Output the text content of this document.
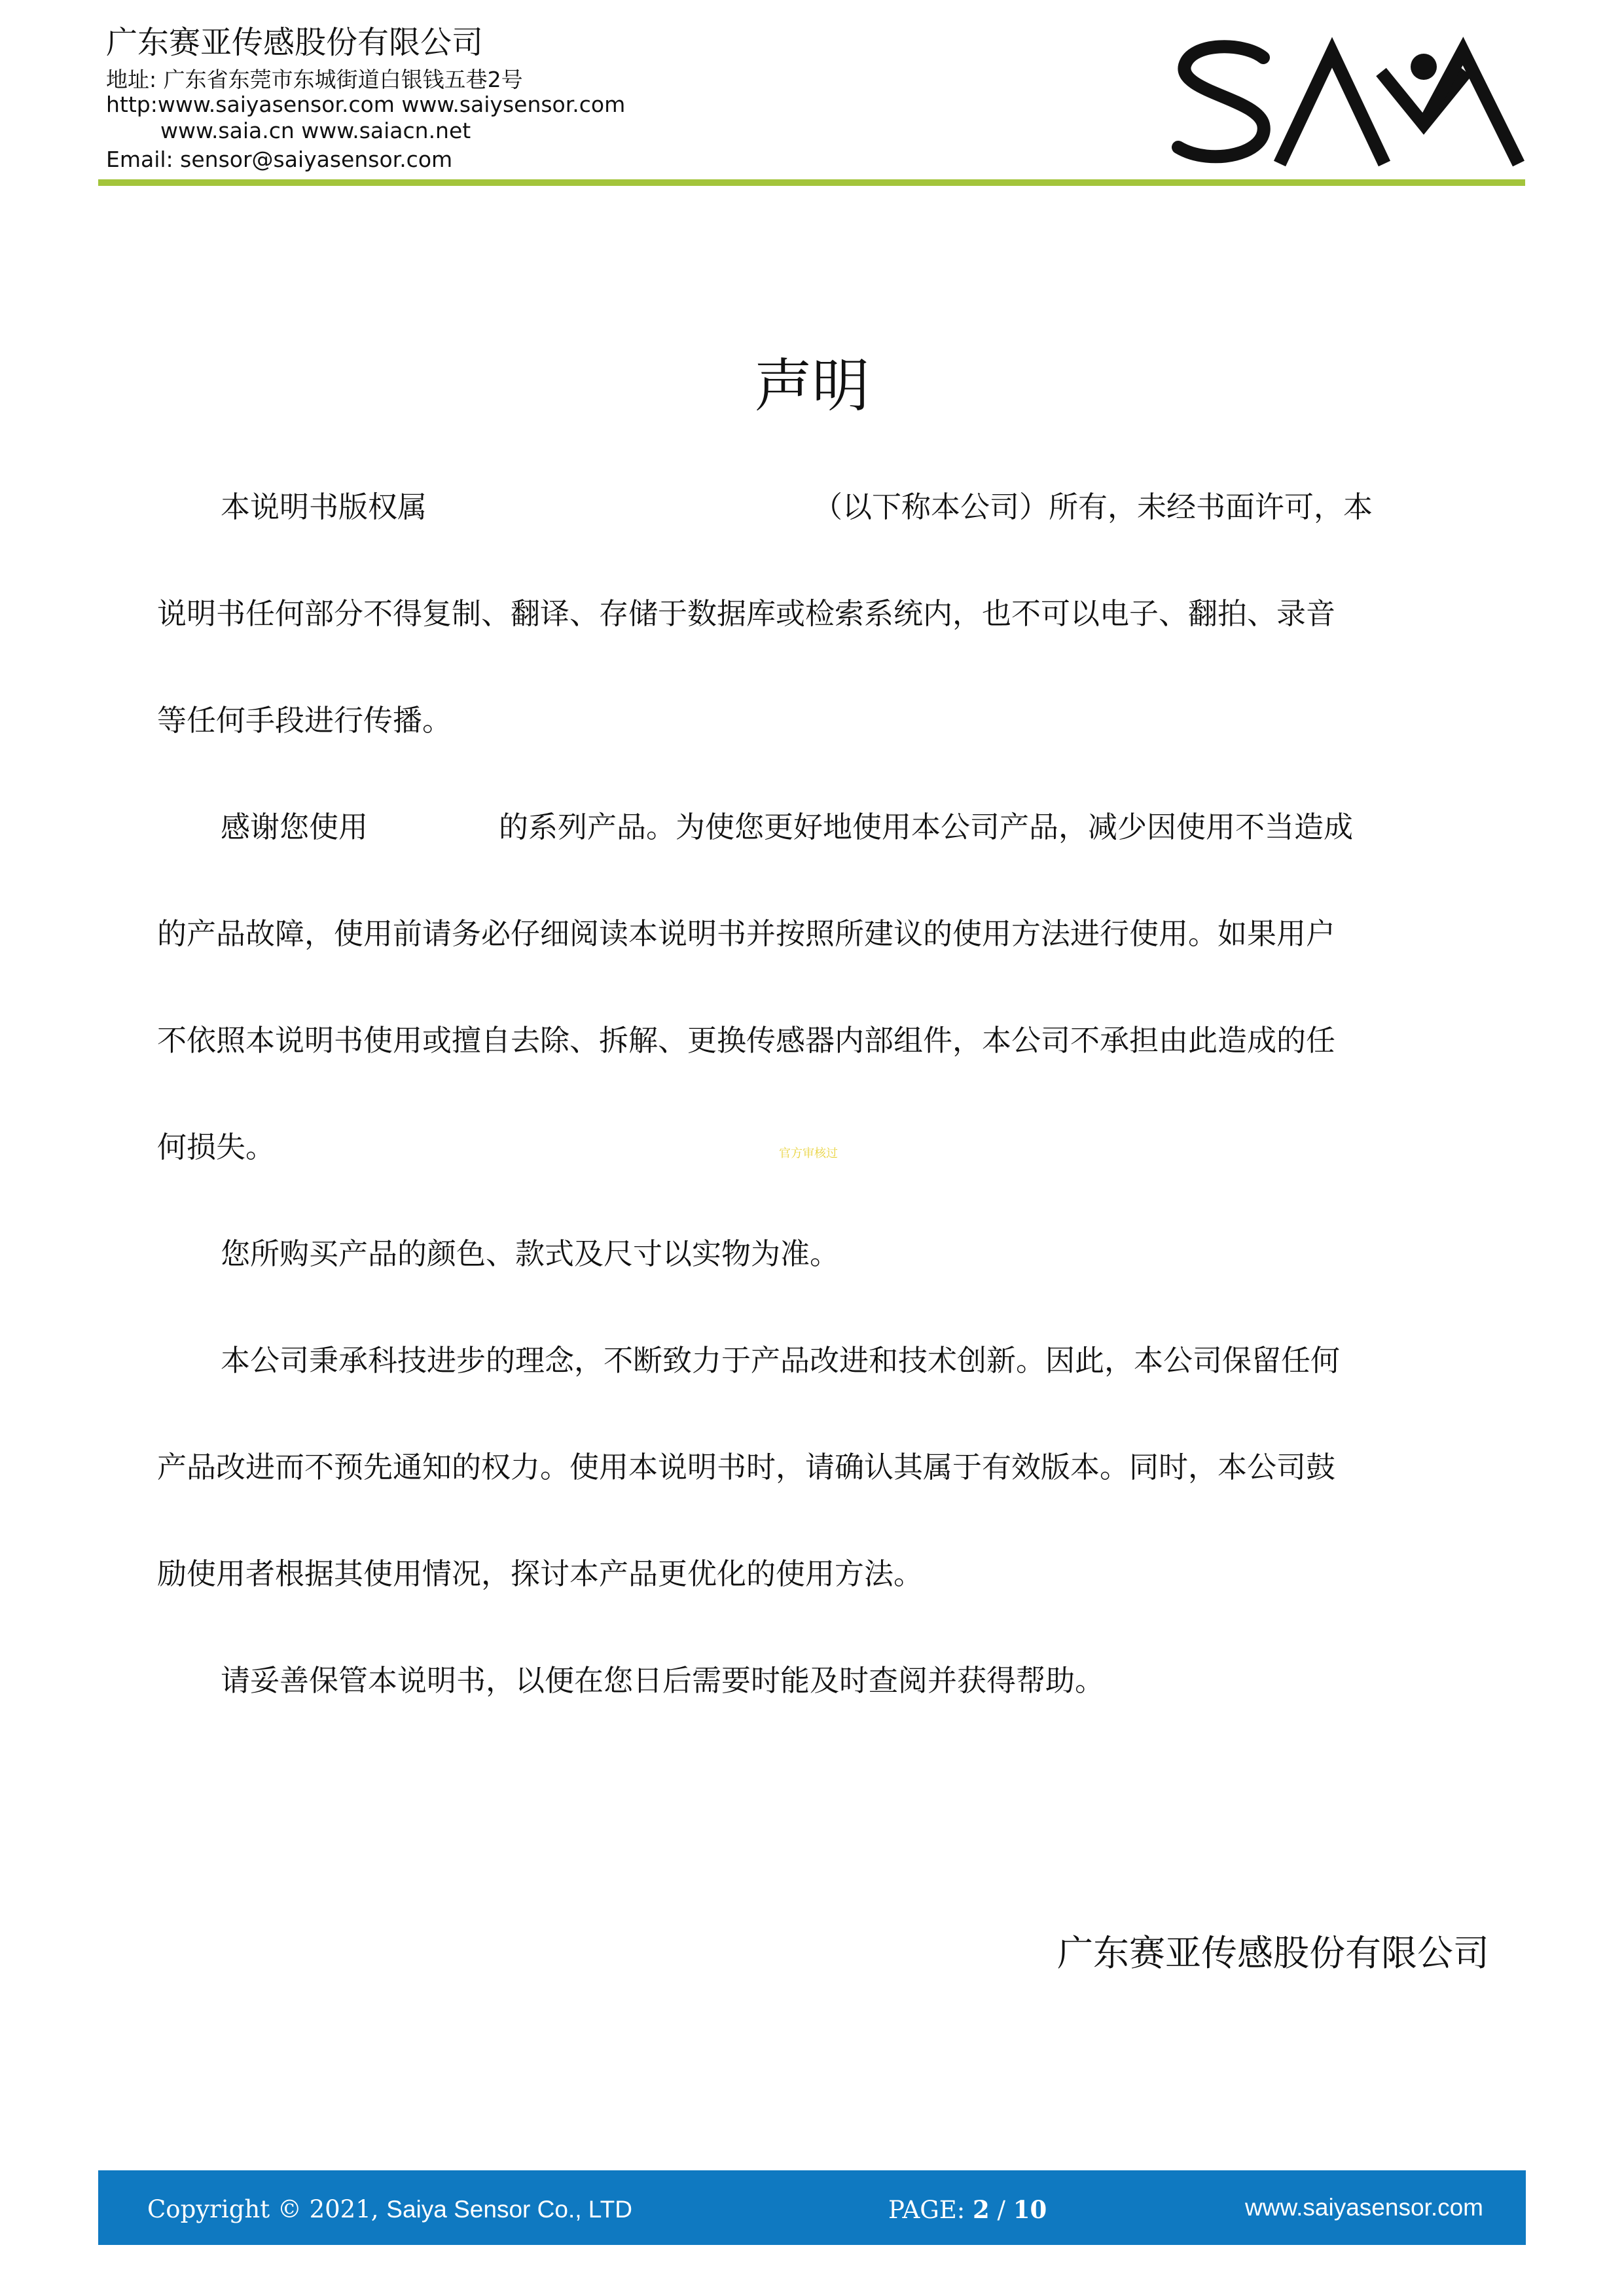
广东赛亚传感股份有限公司
地址: 广东省东莞市东城街道白银钱五巷2号
http:www.saiyasensor.com www.saiysensor.com
www.saia.cn www.saiacn.net
Email: sensor@saiyasensor.com
声明
本说明书版权属	（以下称本公司）所有，未经书面许可，本
说明书任何部分不得复制、翻译、存储于数据库或检索系统内，也不可以电子、翻拍、录音
等任何手段进行传播。
感谢您使用	的系列产品。为使您更好地使用本公司产品，减少因使用不当造成
的产品故障，使用前请务必仔细阅读本说明书并按照所建议的使用方法进行使用。如果用户
不依照本说明书使用或擅自去除、拆解、更换传感器内部组件，本公司不承担由此造成的任
何损失。
您所购买产品的颜色、款式及尺寸以实物为准。
本公司秉承科技进步的理念，不断致力于产品改进和技术创新。因此，本公司保留任何
产品改进而不预先通知的权力。使用本说明书时，请确认其属于有效版本。同时，本公司鼓
励使用者根据其使用情况，探讨本产品更优化的使用方法。
请妥善保管本说明书，以便在您日后需要时能及时查阅并获得帮助。
官方审核过
广东赛亚传感股份有限公司
Copyright © 2021, Saiya Sensor Co., LTD	PAGE: 2 / 10	www.saiyasensor.com
